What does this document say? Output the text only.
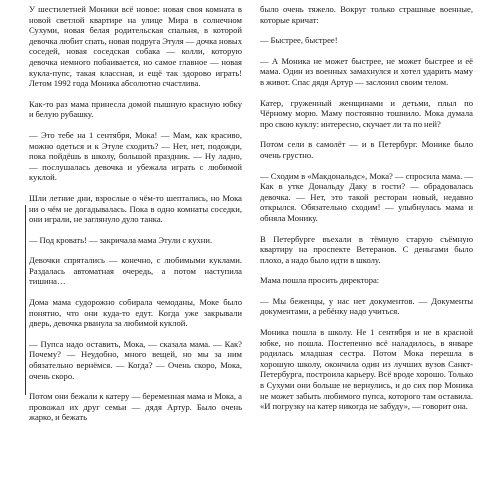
У шестилетней Моники всё новое: новая своя комната в новой светлой квартире на улице Мира в солнечном Сухуми, новая белая родительская спальня, в которой девочка любит спать, новая подруга Этуля — дочка новых соседей, новая соседская собака — колли, которую девочка немного побаивается, но самое главное — новая кукла-пупс, такая классная, и ещё так здорово играть! Летом 1992 года Моника абсолютно счастлива.

Как-то раз мама принесла домой пышную красную юбку и белую рубашку.

— Это тебе на 1 сентября, Мока! — Мам, как красиво, можно одеться и к Этуле сходить? — Нет, нет, подожди, пока пойдёшь в школу, большой праздник. — Ну ладно, — послушалась девочка и убежала играть с любимой куклой.

Шли летние дни, взрослые о чём-то шептались, но Мока ни о чём не догадывалась. Пока в одно комнаты соседки, они играли, не заглянуло дуло танка.

— Под кровать! — закричала мама Этули с кухни.

Девочки спрятались — конечно, с любимыми куклами. Раздалась автоматная очередь, а потом наступила тишина…

Дома мама судорожно собирала чемоданы, Моке было понятно, что они куда-то едут. Когда уже закрывали дверь, девочка рванула за любимой куклой.

— Пупса надо оставить, Мока, — сказала мама. — Как? Почему? — Неудобно, много вещей, но мы за ним обязательно вернёмся. — Когда? — Очень скоро, Мока, очень скоро.

Потом они бежали к катеру — беременная мама и Мока, а провожал их друг семьи — дядя Артур. Было очень жарко, и бежать

было очень тяжело. Вокруг только страшные военные, которые кричат:

— Быстрее, быстрее!

— А Моника не может быстрее, не может быстрее и её мама. Один из военных замахнулся и хотел ударить маму в живот. Спас дядя Артур — заслонил своим телом.

Катер, груженный женщинами и детьми, плыл по Чёрному морю. Маму постоянно тошнило. Мока думала про свою куклу: интересно, скучает ли та по ней?

Потом сели в самолёт — и в Петербург. Монике было очень грустно.

— Сходим в «Макдональдс», Мока? — спросила мама. — Как в утке Дональду Даку в гости? — обрадовалась девочка. — Нет, это такой ресторан новый, недавно открылся. Обязательно сходим! — улыбнулась мама и обняла Монику.

В Петербурге въехали в тёмную старую съёмную квартиру на проспекте Ветеранов. С деньгами было плохо, а надо было идти в школу.

Мама пошла просить директора:

— Мы беженцы, у нас нет документов. — Документы документами, а ребёнку надо учиться.

Моника пошла в школу. Не 1 сентября и не в красной юбке, но пошла. Постепенно всё наладилось, в январе родилась младшая сестра. Потом Мока перешла в хорошую школу, окончила один из лучших вузов Санкт-Петербурга, построила карьеру. Всё вроде хорошо. Только в Сухуми они больше не вернулись, и до сих пор Моника не может забыть любимого пупса, которого там оставила. «И погрузку на катер никогда не забуду», — говорит она.
